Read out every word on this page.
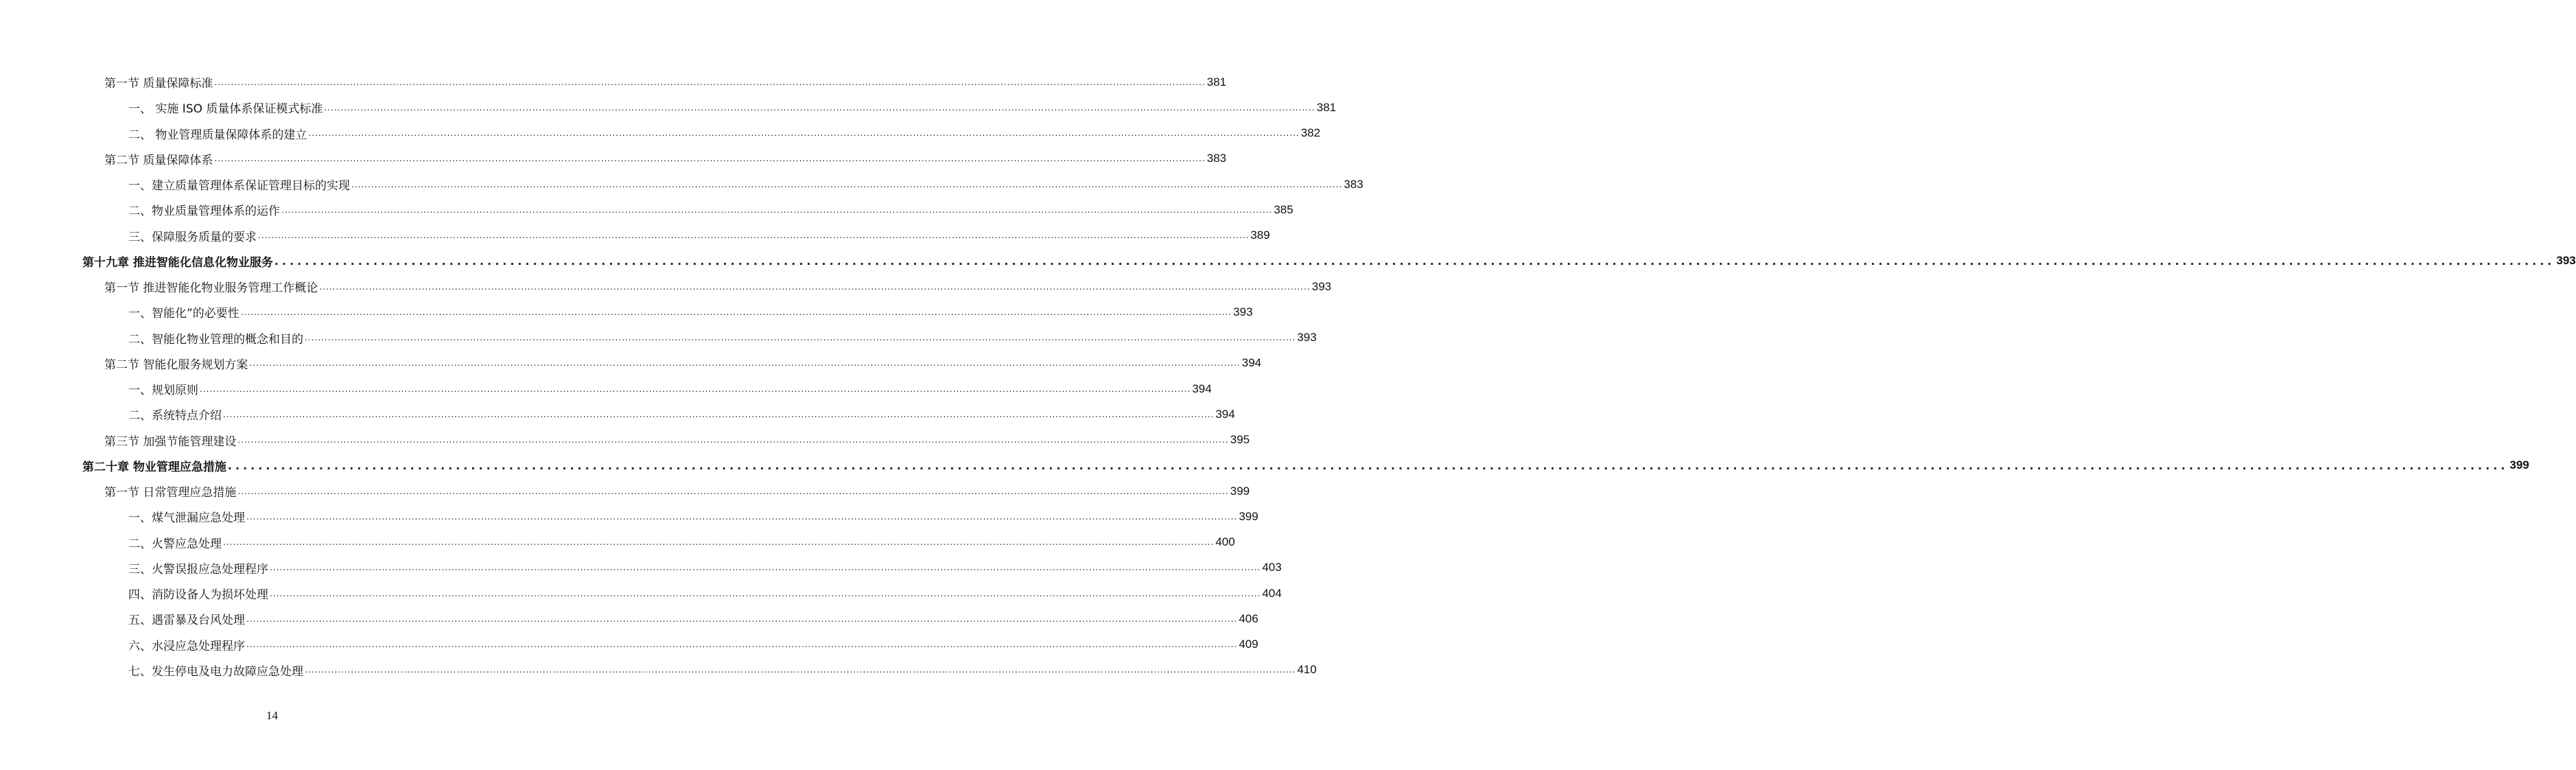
第一节 质量保障标准 ............................................................................................................................................................................................................................................................................................................ 381
一、 实施 ISO 质量体系保证模式标准 ............................................................................................................................................................................................................................................................................................................ 381
二、 物业管理质量保障体系的建立 ............................................................................................................................................................................................................................................................................................................ 382
第二节 质量保障体系 ............................................................................................................................................................................................................................................................................................................ 383
一、建立质量管理体系保证管理目标的实现 ............................................................................................................................................................................................................................................................................................................ 383
二、物业质量管理体系的运作 ............................................................................................................................................................................................................................................................................................................ 385
三、保障服务质量的要求 ............................................................................................................................................................................................................................................................................................................ 389
第十九章 推进智能化信息化物业服务 ............................................................................................................................................................................................................................................................................................................ 393
第一节 推进智能化物业服务管理工作概论 ............................................................................................................................................................................................................................................................................................................ 393
一、智能化”的必要性 ............................................................................................................................................................................................................................................................................................................ 393
二、智能化物业管理的概念和目的 ............................................................................................................................................................................................................................................................................................................ 393
第二节 智能化服务规划方案 ............................................................................................................................................................................................................................................................................................................ 394
一、规划原则 ............................................................................................................................................................................................................................................................................................................ 394
二、系统特点介绍 ............................................................................................................................................................................................................................................................................................................ 394
第三节 加强节能管理建设 ............................................................................................................................................................................................................................................................................................................ 395
第二十章 物业管理应急措施 ............................................................................................................................................................................................................................................................................................................ 399
第一节 日常管理应急措施 ............................................................................................................................................................................................................................................................................................................ 399
一、煤气泄漏应急处理 ............................................................................................................................................................................................................................................................................................................ 399
二、火警应急处理 ............................................................................................................................................................................................................................................................................................................ 400
三、火警误报应急处理程序 ............................................................................................................................................................................................................................................................................................................ 403
四、消防设备人为损坏处理 ............................................................................................................................................................................................................................................................................................................ 404
五、遇雷暴及台风处理 ............................................................................................................................................................................................................................................................................................................ 406
六、水浸应急处理程序 ............................................................................................................................................................................................................................................................................................................ 409
七、发生停电及电力故障应急处理 ............................................................................................................................................................................................................................................................................................................ 410
14
